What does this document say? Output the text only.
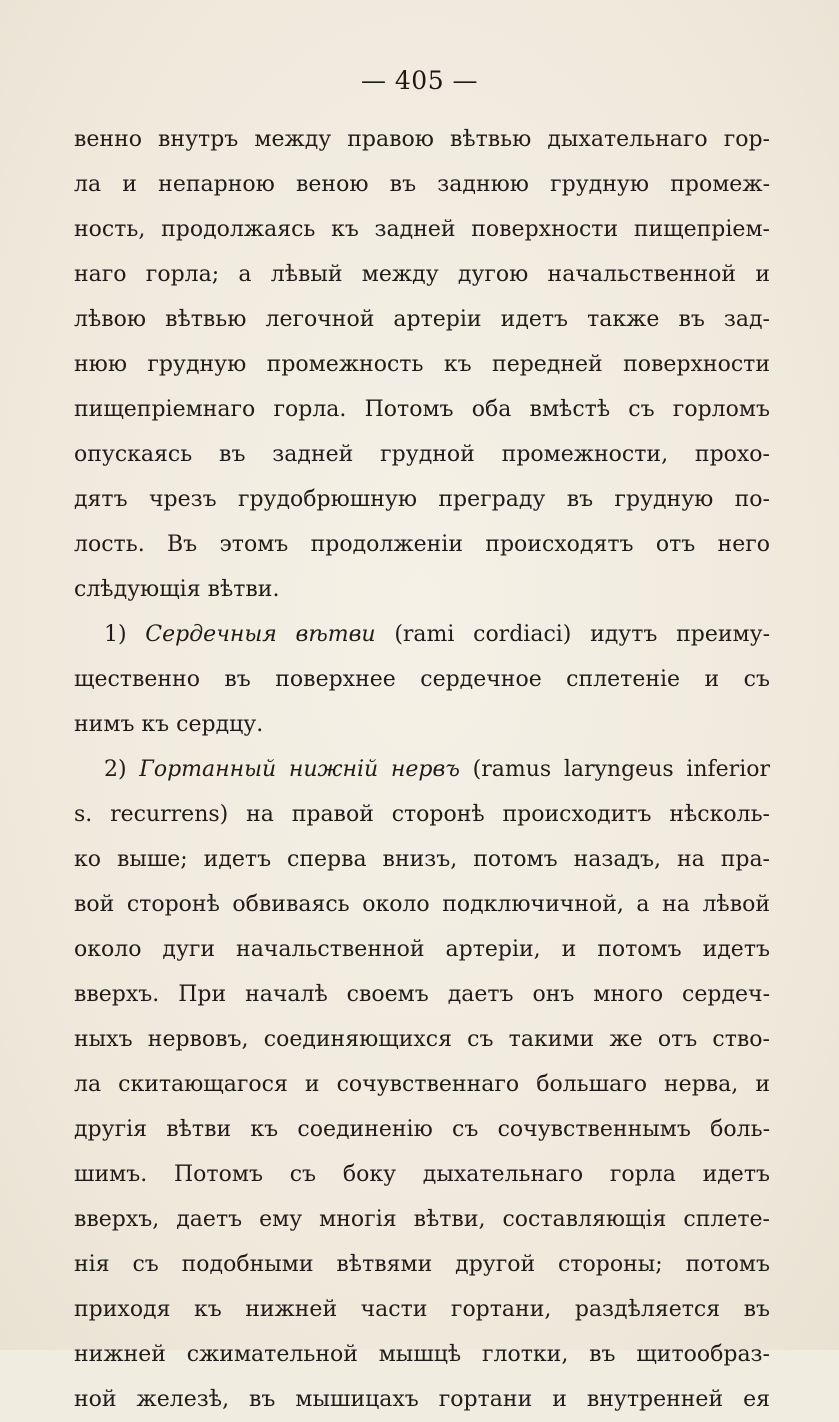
— 405 —
венно внутръ между правою вѣтвью дыхательнаго гор-
ла и непарною веною въ заднюю грудную промеж-
ность, продолжаясь къ задней поверхности пищепріем-
наго горла; а лѣвый между дугою начальственной и
лѣвою вѣтвью легочной артеріи идетъ также въ зад-
нюю грудную промежность къ передней поверхности
пищепріемнаго горла. Потомъ оба вмѣстѣ съ горломъ
опускаясь въ задней грудной промежности, прохо-
дятъ чрезъ грудобрюшную преграду въ грудную по-
лость. Въ этомъ продолженіи происходятъ отъ него
слѣдующія вѣтви.
1) Сердечныя вѣтви (rami cordiaci) идутъ преиму-
щественно въ поверхнее сердечное сплетеніе и съ
нимъ къ сердцу.
2) Гортанный нижній нервъ (ramus laryngeus inferior
s. recurrens) на правой сторонѣ происходитъ нѣсколь-
ко выше; идетъ сперва внизъ, потомъ назадъ, на пра-
вой сторонѣ обвиваясь около подключичной, а на лѣвой
около дуги начальственной артеріи, и потомъ идетъ
вверхъ. При началѣ своемъ даетъ онъ много сердеч-
ныхъ нервовъ, соединяющихся съ такими же отъ ство-
ла скитающагося и сочувственнаго большаго нерва, и
другія вѣтви къ соединенію съ сочувственнымъ боль-
шимъ. Потомъ съ боку дыхательнаго горла идетъ
вверхъ, даетъ ему многія вѣтви, составляющія сплете-
нія съ подобными вѣтвями другой стороны; потомъ
приходя къ нижней части гортани, раздѣляется въ
нижней сжимательной мышцѣ глотки, въ щитообраз-
ной железѣ, въ мышицахъ гортани и внутренней ея
